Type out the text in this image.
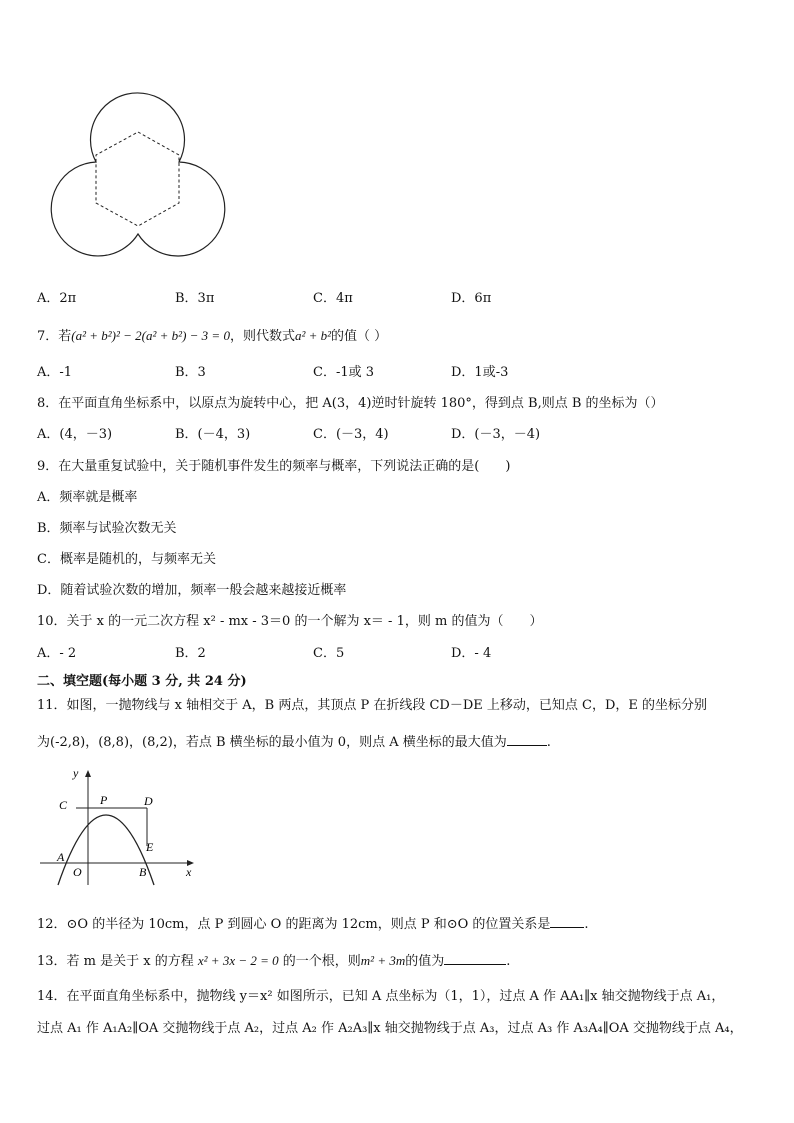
A．2π	B．3π	C．4π	D．6π
7．若(a² + b²)² − 2(a² + b²) − 3 = 0，则代数式a² + b²的值（ ）
A．-1	B．3	C．-1或 3	D．1或-3
8．在平面直角坐标系中，以原点为旋转中心，把 A(3，4)逆时针旋转 180°，得到点 B,则点 B 的坐标为（）
A．(4，－3)	B．(－4，3)	C．(－3，4)	D．(－3，－4)
9．在大量重复试验中，关于随机事件发生的频率与概率，下列说法正确的是(　　)
A．频率就是概率
B．频率与试验次数无关
C．概率是随机的，与频率无关
D．随着试验次数的增加，频率一般会越来越接近概率
10．关于 x 的一元二次方程 x² - mx - 3＝0 的一个解为 x＝ - 1，则 m 的值为（　　）
A．- 2	B．2	C．5	D．- 4
二、填空题(每小题 3 分, 共 24 分)
11．如图，一抛物线与 x 轴相交于 A，B 两点，其顶点 P 在折线段 CD－DE 上移动，已知点 C，D，E 的坐标分别
为(-2,8)，(8,8)，(8,2)，若点 B 横坐标的最小值为 0，则点 A 横坐标的最大值为	.
y
x
C	P	D
E
A
O	B
12．⊙O 的半径为 10cm，点 P 到圆心 O 的距离为 12cm，则点 P 和⊙O 的位置关系是	.
13．若 m 是关于 x 的方程 x² + 3x − 2 = 0 的一个根，则m² + 3m的值为	.
14．在平面直角坐标系中，抛物线 y＝x² 如图所示，已知 A 点坐标为（1，1），过点 A 作 AA₁∥x 轴交抛物线于点 A₁，
过点 A₁ 作 A₁A₂∥OA 交抛物线于点 A₂，过点 A₂ 作 A₂A₃∥x 轴交抛物线于点 A₃，过点 A₃ 作 A₃A₄∥OA 交抛物线于点 A₄，
